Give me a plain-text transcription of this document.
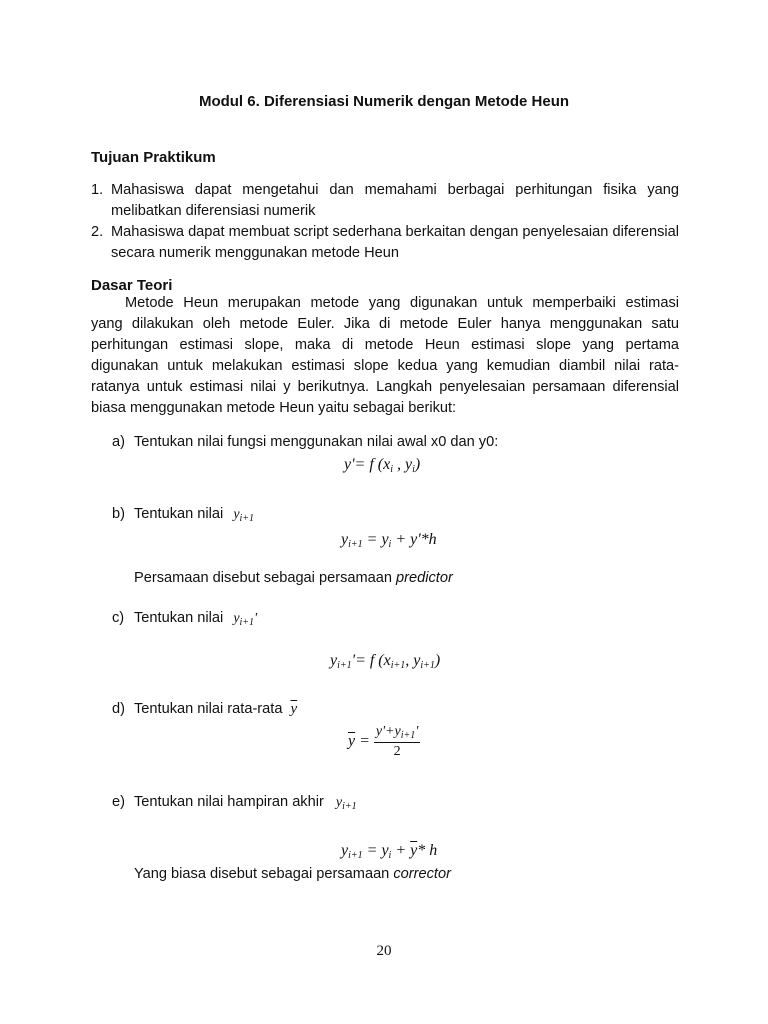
Modul 6. Diferensiasi Numerik dengan Metode Heun
Tujuan Praktikum
1. Mahasiswa dapat mengetahui dan memahami berbagai perhitungan fisika yang melibatkan diferensiasi numerik
2. Mahasiswa dapat membuat script sederhana berkaitan dengan penyelesaian diferensial secara numerik menggunakan metode Heun
Dasar Teori
Metode Heun merupakan metode yang digunakan untuk memperbaiki estimasi
yang dilakukan oleh metode Euler. Jika di metode Euler hanya menggunakan satu
perhitungan estimasi slope, maka di metode Heun estimasi slope yang pertama
digunakan untuk melakukan estimasi slope kedua yang kemudian diambil nilai rata-
ratanya untuk estimasi nilai y berikutnya. Langkah penyelesaian persamaan diferensial
biasa menggunakan metode Heun yaitu sebagai berikut:
a) Tentukan nilai fungsi menggunakan nilai awal x0 dan y0:
y'= f ($x_i$ , $y_i$)
b) Tentukan nilai $y_{i+1}$
$y_{i+1} = y_i + y'*h$
Persamaan disebut sebagai persamaan predictor
c) Tentukan nilai $y_{i+1}'$
$y_{i+1}'= f$ ($x_{i+1}$, $y_{i+1}$)
d) Tentukan nilai rata-rata $\overline{y}$
$\overline{y} = \frac{y'+y_{i+1}'}{2}$
e) Tentukan nilai hampiran akhir $y_{i+1}$
$y_{i+1} = y_i + \overline{y}*$ h
Yang biasa disebut sebagai persamaan corrector
20
